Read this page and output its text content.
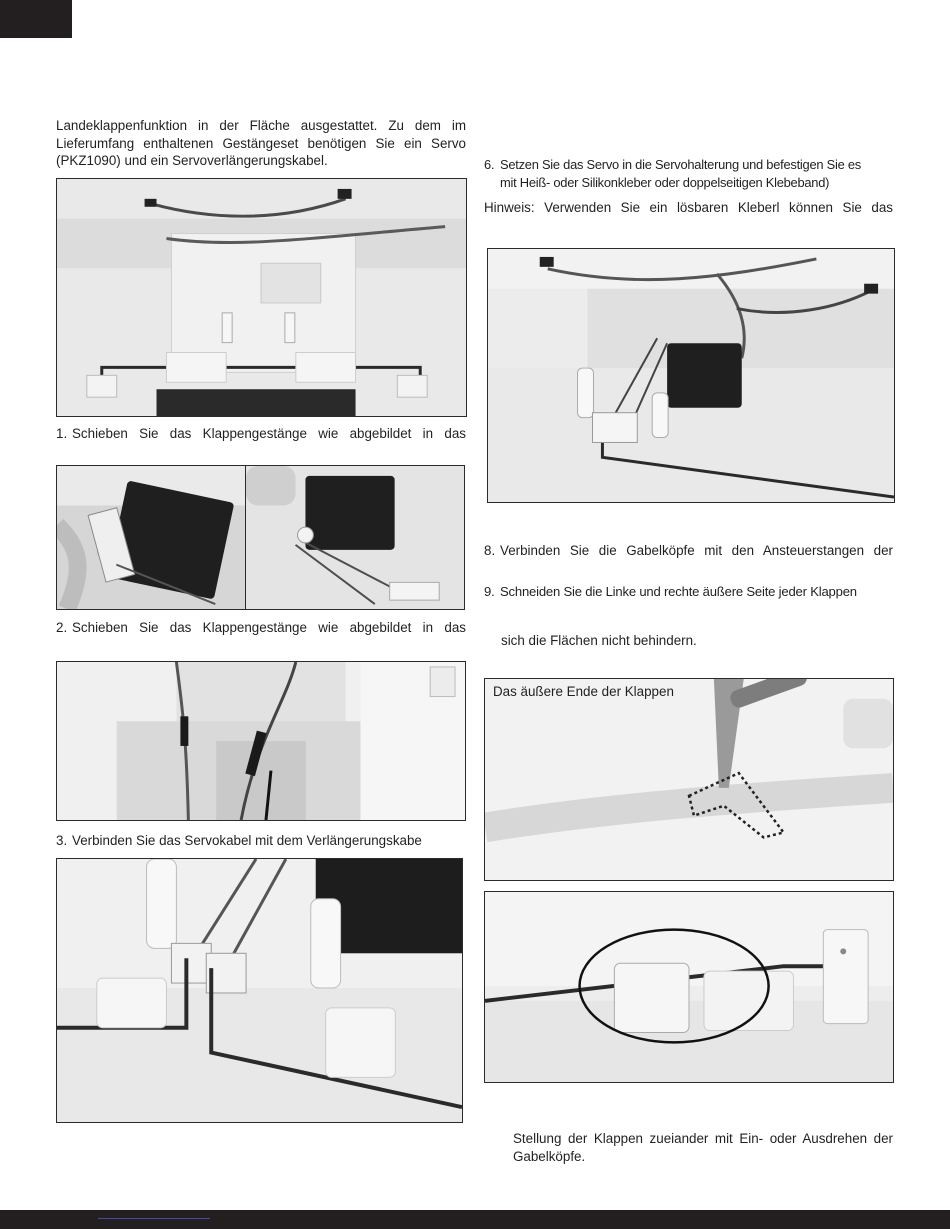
Landeklappenfunktion in der Fläche ausgestattet. Zu dem im Lieferumfang enthaltenen Gestängeset benötigen Sie ein Servo (PKZ1090) und ein Servoverlängerungskabel.

1. Schieben Sie das Klappengestänge wie abgebildet in das

2. Schieben Sie das Klappengestänge wie abgebildet in das

3. Verbinden Sie das Servokabel mit dem Verlängerungskabe

6. Setzen Sie das Servo in die Servohalterung und befestigen Sie es
mit Heiß- oder Silikonkleber oder doppelseitigen Klebeband)

Hinweis: Verwenden Sie ein lösbaren Kleberl können Sie das

8. Verbinden Sie die Gabelköpfe mit den Ansteuerstangen der

9. Schneiden Sie die Linke und rechte äußere Seite jeder Klappen

sich die Flächen nicht behindern.

Das äußere Ende der Klappen

Stellung der Klappen zueiander mit Ein- oder Ausdrehen der Gabelköpfe.
